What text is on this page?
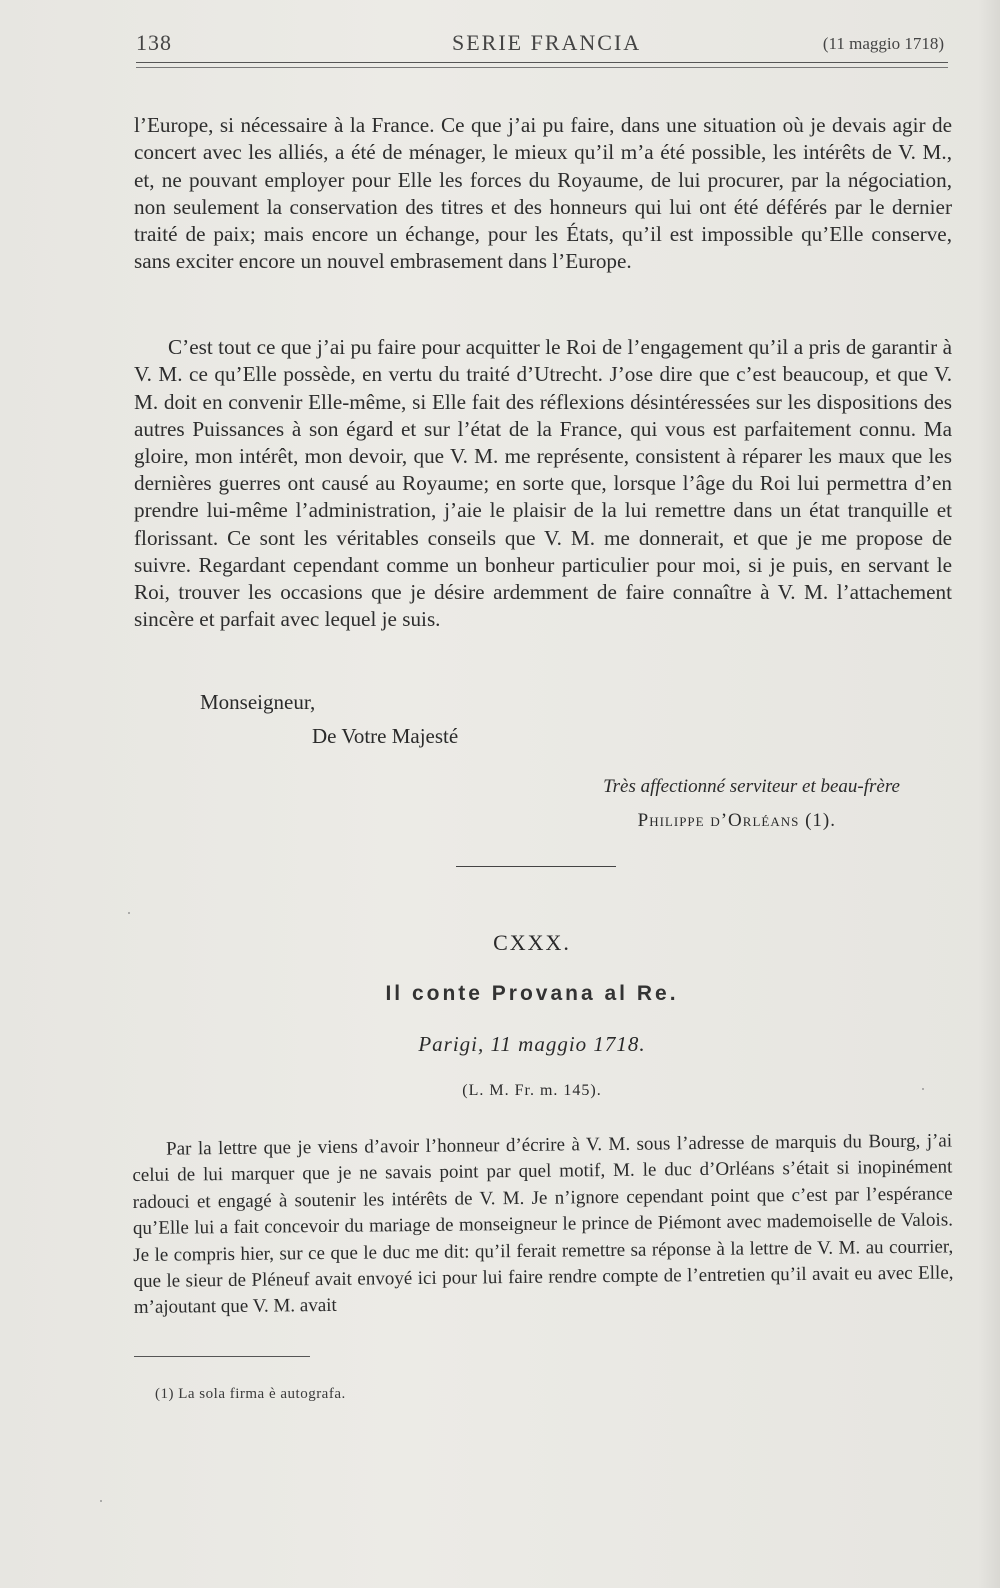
138	SERIE FRANCIA	(11 maggio 1718)

l’Europe, si nécessaire à la France. Ce que j’ai pu faire, dans une situation où je devais agir de concert avec les alliés, a été de ménager, le mieux qu’il m’a été possible, les intérêts de V. M., et, ne pouvant employer pour Elle les forces du Royaume, de lui procurer, par la négociation, non seulement la conservation des titres et des honneurs qui lui ont été déférés par le dernier traité de paix; mais encore un échange, pour les États, qu’il est impossible qu’Elle conserve, sans exciter encore un nouvel embrasement dans l’Europe.

C’est tout ce que j’ai pu faire pour acquitter le Roi de l’engagement qu’il a pris de garantir à V. M. ce qu’Elle possède, en vertu du traité d’Utrecht. J’ose dire que c’est beaucoup, et que V. M. doit en convenir Elle-même, si Elle fait des réflexions désintéressées sur les dispositions des autres Puissances à son égard et sur l’état de la France, qui vous est parfaitement connu. Ma gloire, mon intérêt, mon devoir, que V. M. me représente, consistent à réparer les maux que les dernières guerres ont causé au Royaume; en sorte que, lorsque l’âge du Roi lui permettra d’en prendre lui-même l’administration, j’aie le plaisir de la lui remettre dans un état tranquille et florissant. Ce sont les véritables conseils que V. M. me donnerait, et que je me propose de suivre. Regardant cependant comme un bonheur particulier pour moi, si je puis, en servant le Roi, trouver les occasions que je désire ardemment de faire connaître à V. M. l’attachement sincère et parfait avec lequel je suis.

Monseigneur,
De Votre Majesté
Très affectionné serviteur et beau-frère
Philippe d’Orléans (1).
CXXX.
Il conte Provana al Re.
Parigi, 11 maggio 1718.
(L. M. Fr. m. 145).

Par la lettre que je viens d’avoir l’honneur d’écrire à V. M. sous l’adresse de marquis du Bourg, j’ai celui de lui marquer que je ne savais point par quel motif, M. le duc d’Orléans s’était si inopinément radouci et engagé à soutenir les intérêts de V. M. Je n’ignore cependant point que c’est par l’espérance qu’Elle lui a fait concevoir du mariage de monseigneur le prince de Piémont avec mademoiselle de Valois. Je le compris hier, sur ce que le duc me dit: qu’il ferait remettre sa réponse à la lettre de V. M. au courrier, que le sieur de Pléneuf avait envoyé ici pour lui faire rendre compte de l’entretien qu’il avait eu avec Elle, m’ajoutant que V. M. avait

(1) La sola firma è autografa.
